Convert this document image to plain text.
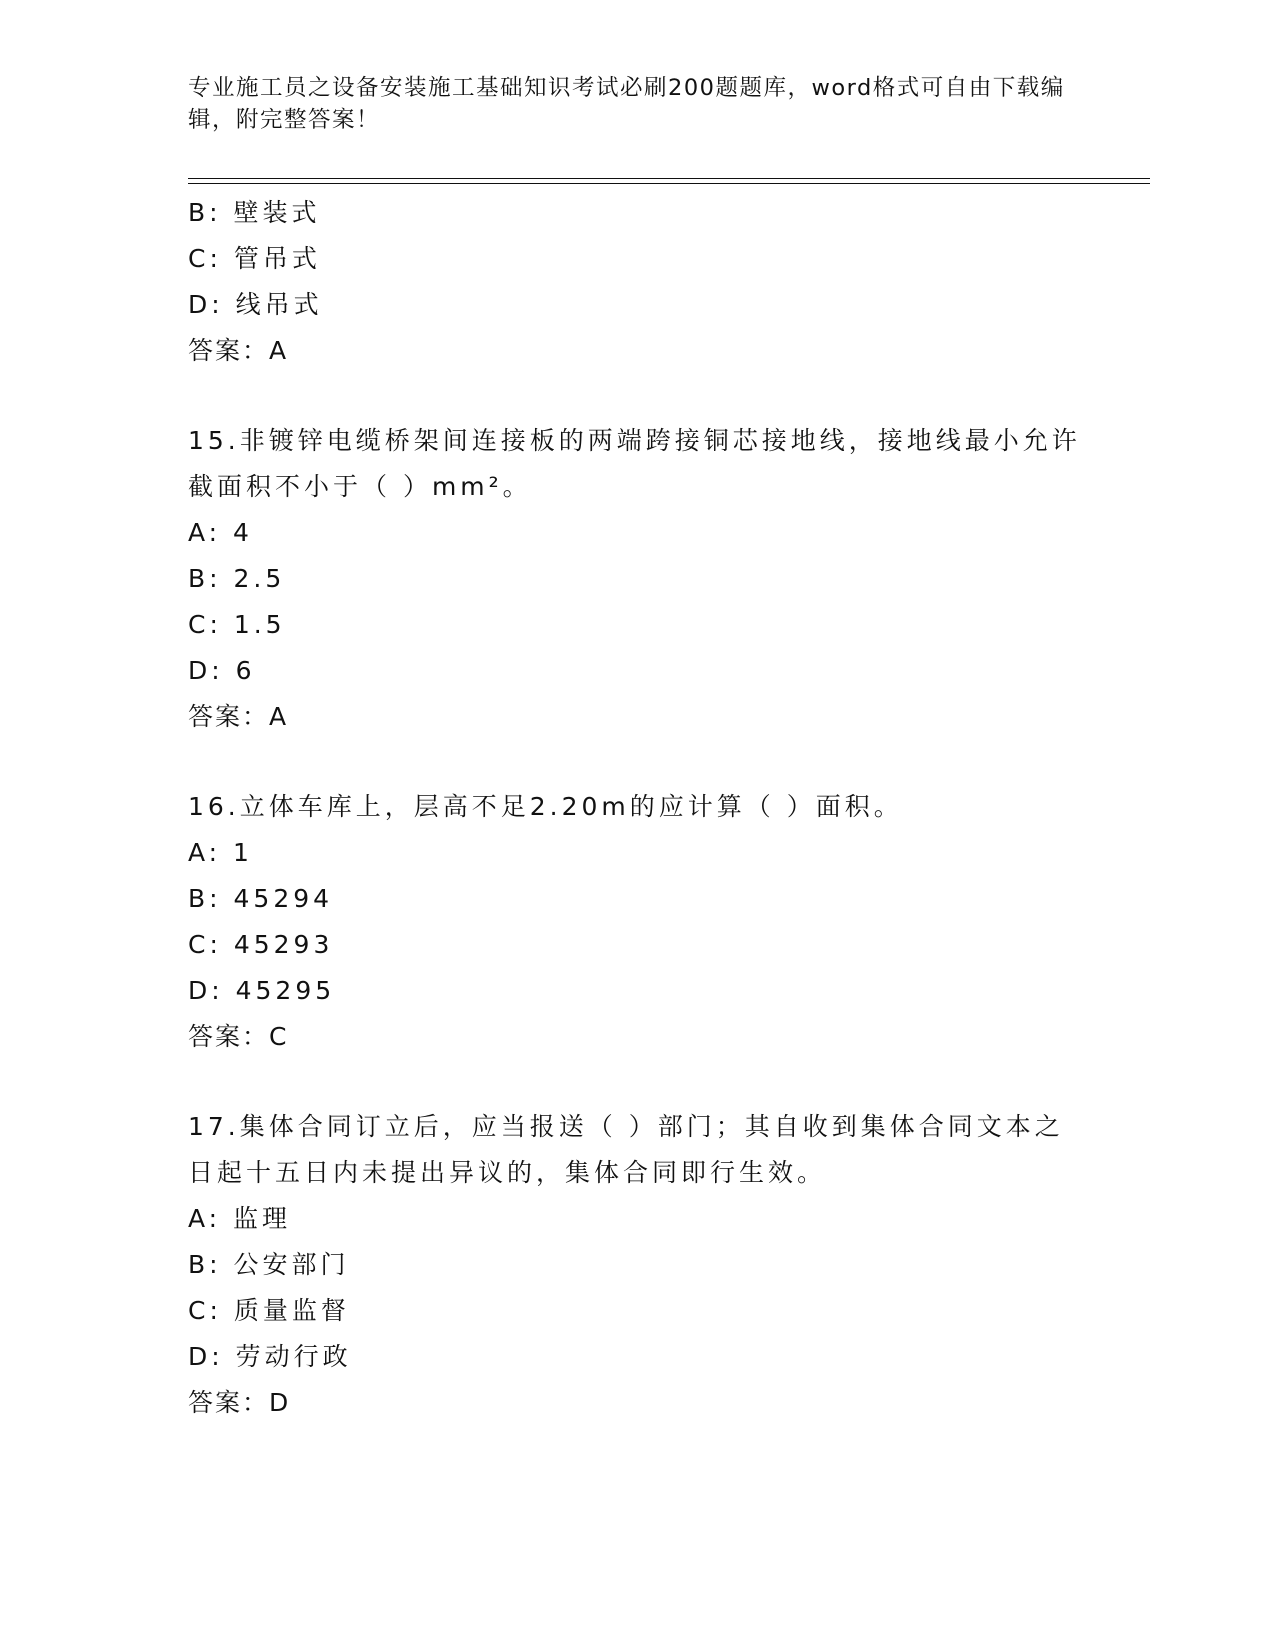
专业施工员之设备安装施工基础知识考试必刷200题题库，word格式可自由下载编辑，附完整答案！
B: 壁装式
C: 管吊式
D: 线吊式
答案：A
15.非镀锌电缆桥架间连接板的两端跨接铜芯接地线，接地线最小允许
截面积不小于（ ）mm²。
A: 4
B: 2.5
C: 1.5
D: 6
答案：A
16.立体车库上，层高不足2.20m的应计算（ ）面积。
A: 1
B: 45294
C: 45293
D: 45295
答案：C
17.集体合同订立后，应当报送（ ）部门；其自收到集体合同文本之
日起十五日内未提出异议的，集体合同即行生效。
A: 监理
B: 公安部门
C: 质量监督
D: 劳动行政
答案：D
